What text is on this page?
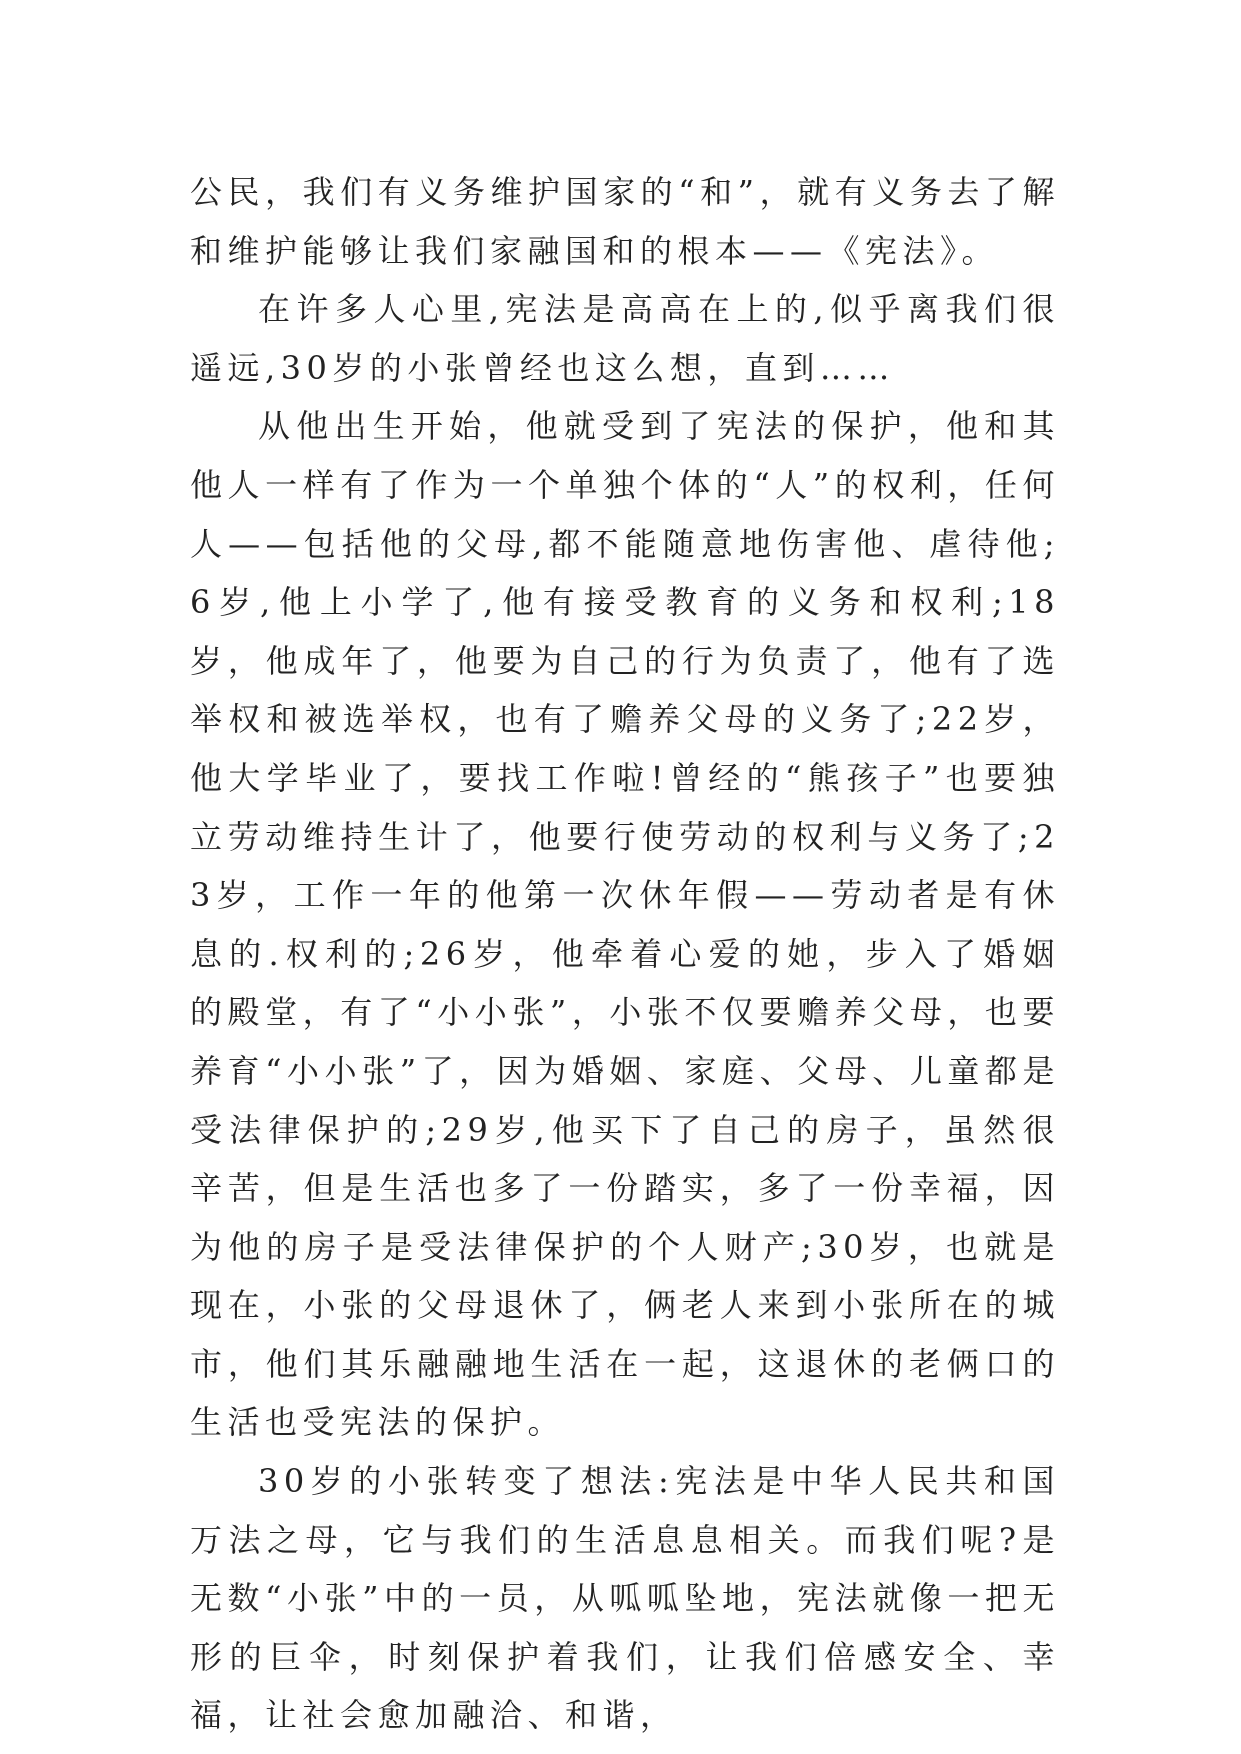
公民，我们有义务维护国家的“和”，就有义务去了解和维护能够让我们家融国和的根本——《宪法》。

在许多人心里,宪法是高高在上的,似乎离我们很遥远,30岁的小张曾经也这么想，直到……

从他出生开始，他就受到了宪法的保护，他和其他人一样有了作为一个单独个体的“人”的权利，任何人——包括他的父母,都不能随意地伤害他、虐待他;6岁,他上小学了,他有接受教育的义务和权利;18岁，他成年了，他要为自己的行为负责了，他有了选举权和被选举权，也有了赡养父母的义务了;22岁，他大学毕业了，要找工作啦!曾经的“熊孩子”也要独立劳动维持生计了，他要行使劳动的权利与义务了;23岁，工作一年的他第一次休年假——劳动者是有休息的.权利的;26岁，他牵着心爱的她，步入了婚姻的殿堂，有了“小小张”，小张不仅要赡养父母，也要养育“小小张”了，因为婚姻、家庭、父母、儿童都是受法律保护的;29岁,他买下了自己的房子，虽然很辛苦，但是生活也多了一份踏实，多了一份幸福，因为他的房子是受法律保护的个人财产;30岁，也就是现在，小张的父母退休了，俩老人来到小张所在的城市，他们其乐融融地生活在一起，这退休的老俩口的生活也受宪法的保护。

30岁的小张转变了想法:宪法是中华人民共和国万法之母，它与我们的生活息息相关。而我们呢?是无数“小张”中的一员，从呱呱坠地，宪法就像一把无形的巨伞，时刻保护着我们，让我们倍感安全、幸福，让社会愈加融洽、和谐，
